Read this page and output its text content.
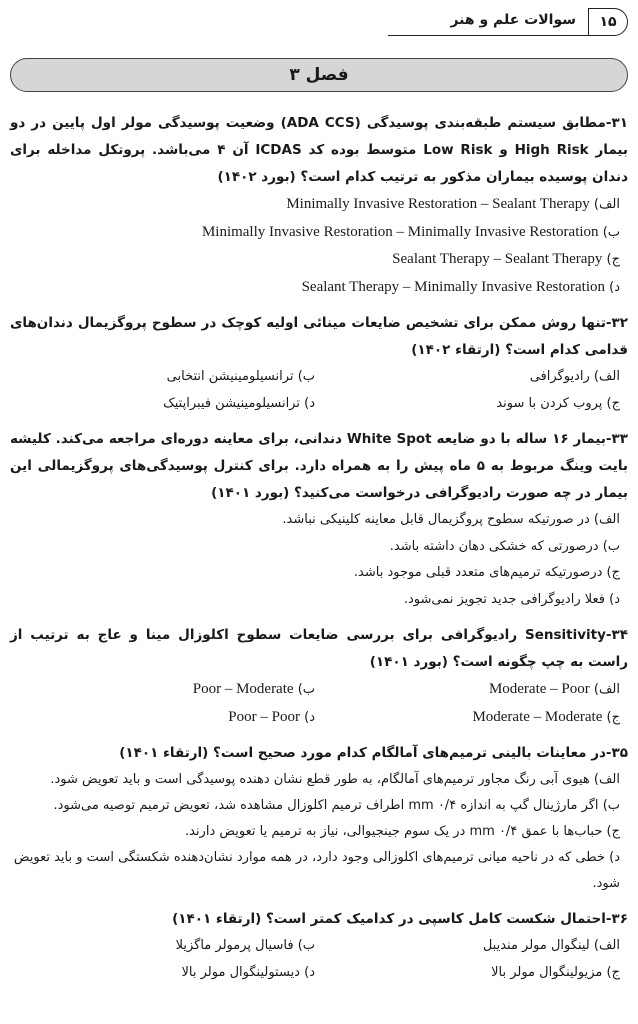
۱۵
سوالات علم و هنر
فصل ۳
۳۱-مطابق سیستم طبقه‌بندی پوسیدگی (ADA CCS) وضعیت پوسیدگی مولر اول پایین در دو بیمار High Risk و Low Risk متوسط بوده کد ICDAS آن ۴ می‌باشد. پروتکل مداخله برای دندان پوسیده بیماران مذکور به ترتیب کدام است؟ (بورد ۱۴۰۲)
الف) Minimally Invasive Restoration – Sealant Therapy
ب) Minimally Invasive Restoration – Minimally Invasive Restoration
ج) Sealant Therapy – Sealant Therapy
د) Sealant Therapy – Minimally Invasive Restoration
۳۲-تنها روش ممکن برای تشخیص ضایعات مینائی اولیه کوچک در سطوح پروگزیمال دندان‌های قدامی کدام است؟ (ارتقاء ۱۴۰۲)
الف) رادیوگرافی
ب) ترانسیلومینیشن انتخابی
ج) پروب کردن با سوند
د) ترانسیلومینیشن فیبراپتیک
۳۳-بیمار ۱۶ ساله با دو ضایعه White Spot دندانی، برای معاینه دوره‌ای مراجعه می‌کند. کلیشه بایت وینگ مربوط به ۵ ماه پیش را به همراه دارد. برای کنترل پوسیدگی‌های پروگزیمالی این بیمار در چه صورت رادیوگرافی درخواست می‌کنید؟ (بورد ۱۴۰۱)
الف) در صورتیکه سطوح پروگزیمال قابل معاینه کلینیکی نباشد.
ب) درصورتی که خشکی دهان داشته باشد.
ج) درصورتیکه ترمیم‌های متعدد قبلی موجود باشد.
د) فعلا رادیوگرافی جدید تجویز نمی‌شود.
۳۴-Sensitivity رادیوگرافی برای بررسی ضایعات سطوح اکلوزال مینا و عاج به ترتیب از راست به چپ چگونه است؟ (بورد ۱۴۰۱)
الف) Moderate – Poor
ب) Poor – Moderate
ج) Moderate – Moderate
د) Poor – Poor
۳۵-در معاینات بالینی ترمیم‌های آمالگام کدام مورد صحیح است؟ (ارتقاء ۱۴۰۱)
الف) هیوی آبی رنگ مجاور ترمیم‌های آمالگام، به طور قطع نشان دهنده پوسیدگی است و باید تعویض شود.
ب) اگر مارژینال گپ به اندازه ۰/۴ mm اطراف ترمیم اکلوزال مشاهده شد، تعویض ترمیم توصیه می‌شود.
ج) حباب‌ها با عمق ۰/۴ mm در یک سوم جینجیوالی، نیاز به ترمیم یا تعویض دارند.
د) خطی که در ناحیه میانی ترمیم‌های اکلوزالی وجود دارد، در همه موارد نشان‌دهنده شکستگی است و باید تعویض شود.
۳۶-احتمال شکست کامل کاسپی در کدامیک کمتر است؟ (ارتقاء ۱۴۰۱)
الف) لینگوال مولر مندیبل
ب) فاسیال پرمولر ماگزیلا
ج) مزیولینگوال مولر بالا
د) دیستولینگوال مولر بالا
